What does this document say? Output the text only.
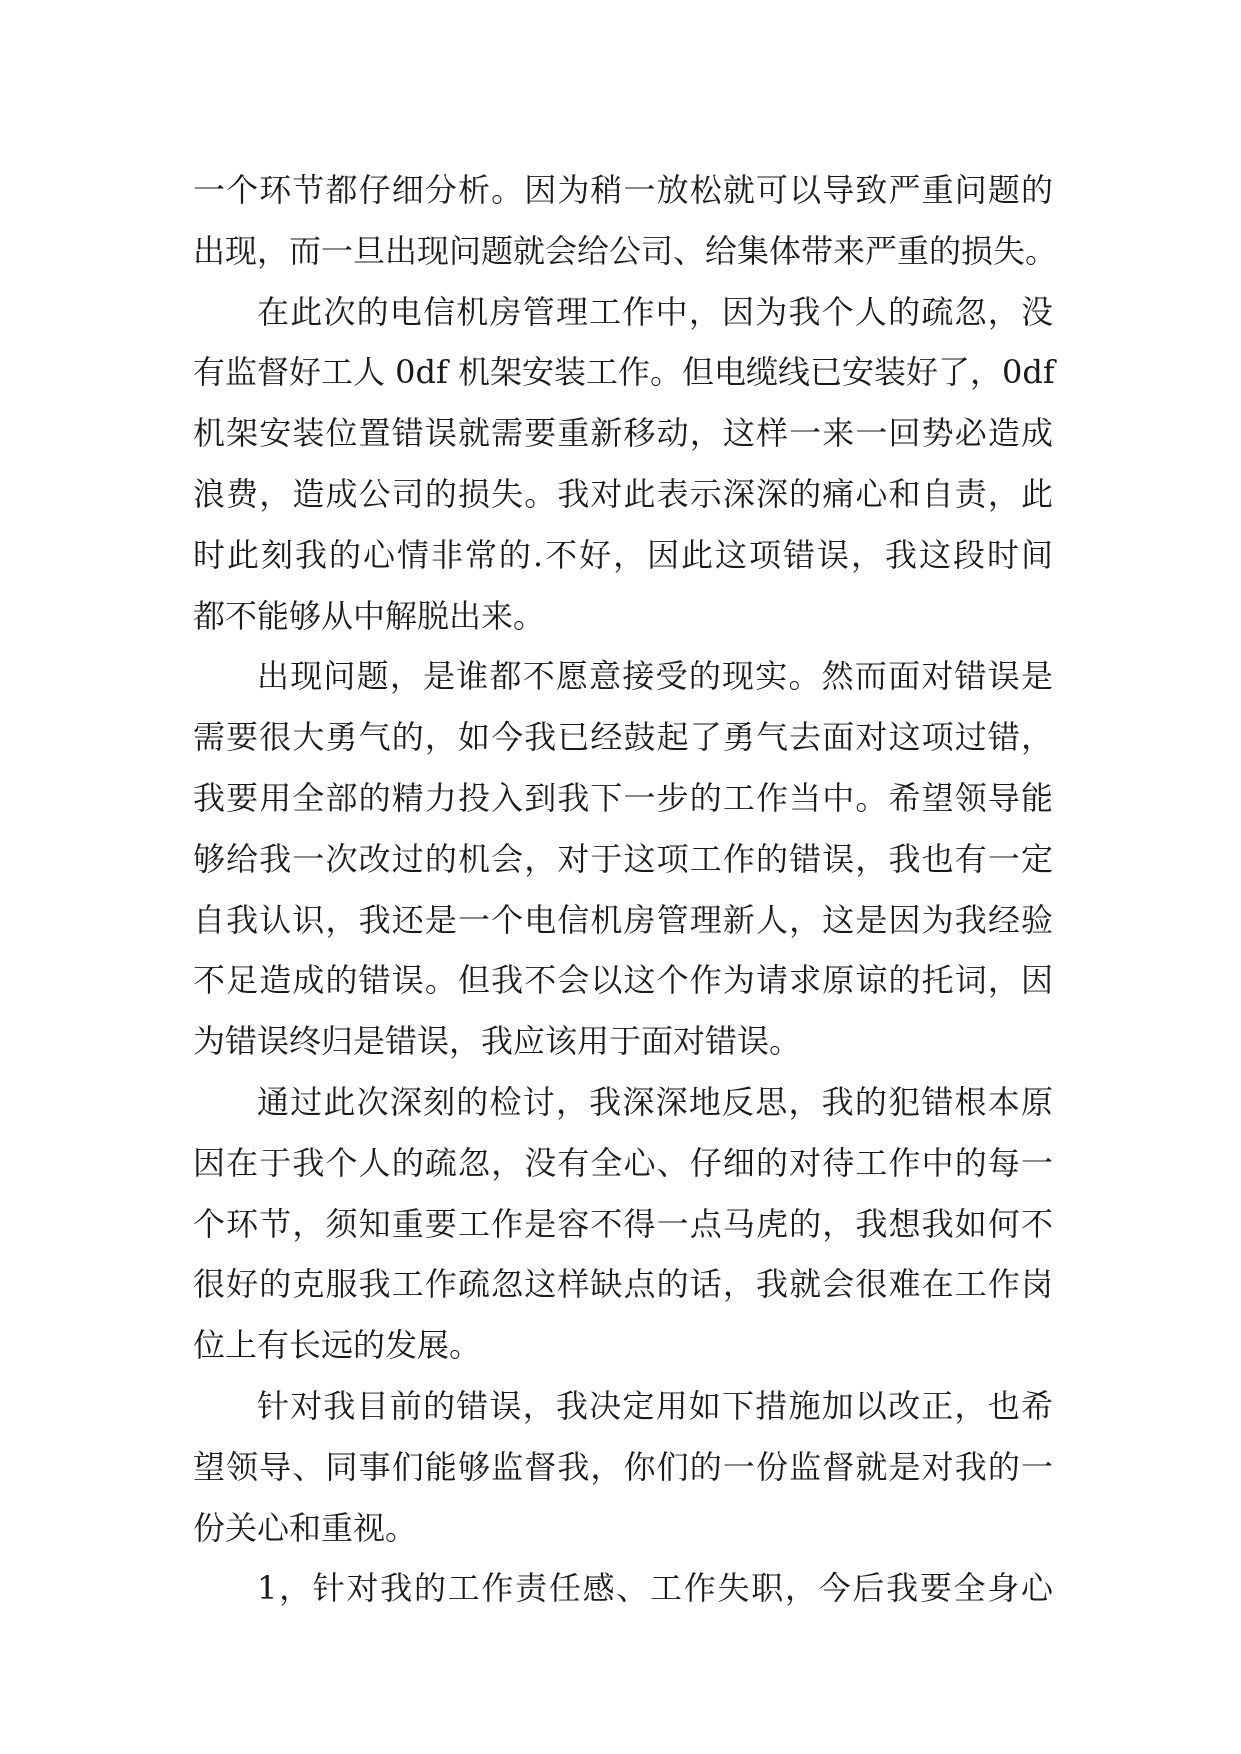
一个环节都仔细分析。因为稍一放松就可以导致严重问题的
出现，而一旦出现问题就会给公司、给集体带来严重的损失。
在此次的电信机房管理工作中，因为我个人的疏忽，没
有监督好工人 0df 机架安装工作。但电缆线已安装好了，0df
机架安装位置错误就需要重新移动，这样一来一回势必造成
浪费，造成公司的损失。我对此表示深深的痛心和自责，此
时此刻我的心情非常的.不好，因此这项错误，我这段时间
都不能够从中解脱出来。
出现问题，是谁都不愿意接受的现实。然而面对错误是
需要很大勇气的，如今我已经鼓起了勇气去面对这项过错，
我要用全部的精力投入到我下一步的工作当中。希望领导能
够给我一次改过的机会，对于这项工作的错误，我也有一定
自我认识，我还是一个电信机房管理新人，这是因为我经验
不足造成的错误。但我不会以这个作为请求原谅的托词，因
为错误终归是错误，我应该用于面对错误。
通过此次深刻的检讨，我深深地反思，我的犯错根本原
因在于我个人的疏忽，没有全心、仔细的对待工作中的每一
个环节，须知重要工作是容不得一点马虎的，我想我如何不
很好的克服我工作疏忽这样缺点的话，我就会很难在工作岗
位上有长远的发展。
针对我目前的错误，我决定用如下措施加以改正，也希
望领导、同事们能够监督我，你们的一份监督就是对我的一
份关心和重视。
1，针对我的工作责任感、工作失职，今后我要全身心
